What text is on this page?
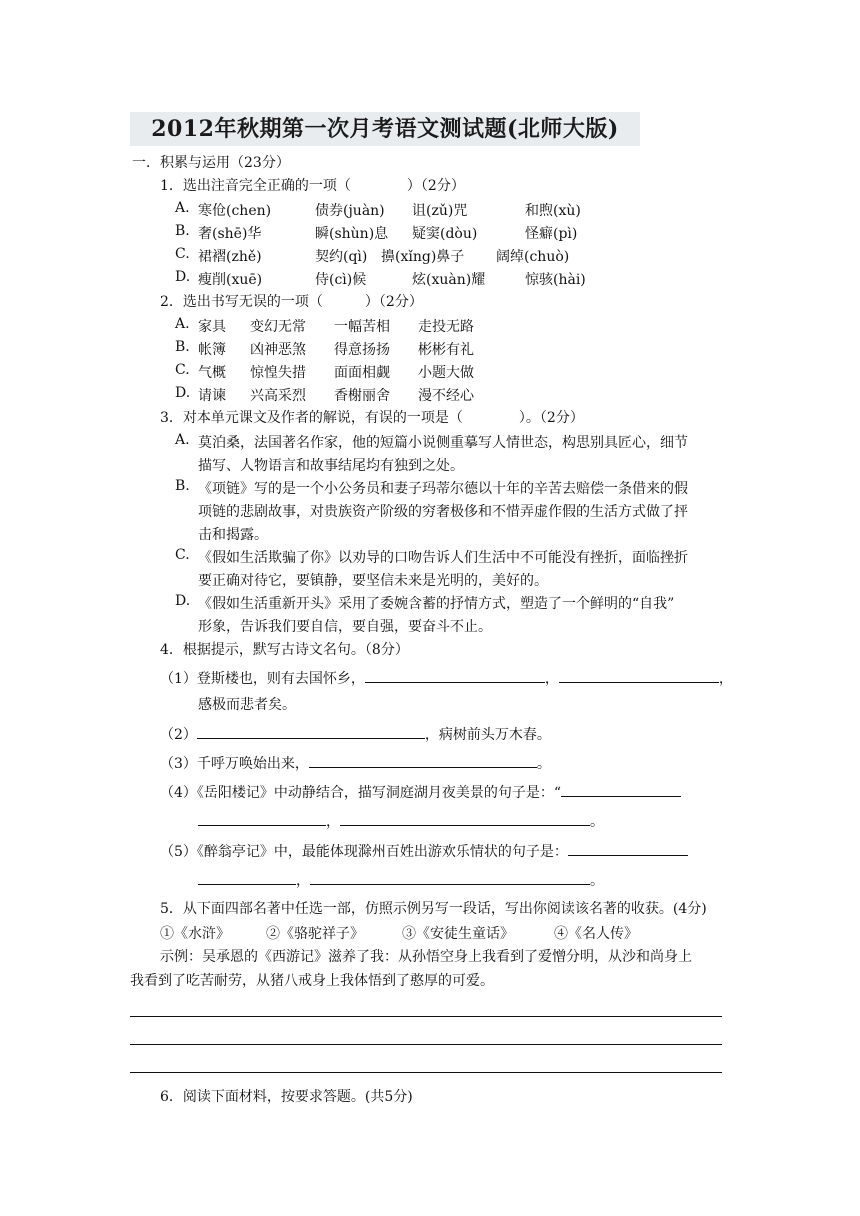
2012年秋期第一次月考语文测试题(北师大版)
一．积累与运用（23分）
1．选出注音完全正确的一项（　　　　）（2分）
A. 寒伧(chen)	债券(juàn) 诅(zǔ)咒	和煦(xù)
B. 奢(shē)华	瞬(shùn)息 疑窦(dòu)	怪癖(pì)
C. 裙褶(zhě)	契约(qì) 擤(xǐng)鼻子 阔绰(chuò)
D. 瘦削(xuē)	侍(cì)候	炫(xuàn)耀	惊骇(hài)
2．选出书写无误的一项（　　　）（2分）
A. 家具 变幻无常 一幅苦相 走投无路
B. 帐簿 凶神恶煞 得意扬扬 彬彬有礼
C. 气概 惊惶失措 面面相觑 小题大做
D. 请谏 兴高采烈 香榭丽舍 漫不经心
3．对本单元课文及作者的解说，有误的一项是（　　　　）。（2分）
A. 莫泊桑，法国著名作家，他的短篇小说侧重摹写人情世态，构思别具匠心，细节
描写、人物语言和故事结尾均有独到之处。
B. 《项链》写的是一个小公务员和妻子玛蒂尔德以十年的辛苦去赔偿一条借来的假
项链的悲剧故事，对贵族资产阶级的穷奢极侈和不惜弄虚作假的生活方式做了抨
击和揭露。
C. 《假如生活欺骗了你》以劝导的口吻告诉人们生活中不可能没有挫折，面临挫折
要正确对待它，要镇静，要坚信未来是光明的，美好的。
D. 《假如生活重新开头》采用了委婉含蓄的抒情方式，塑造了一个鲜明的“自我”
形象，告诉我们要自信，要自强，要奋斗不止。
4．根据提示，默写古诗文名句。（8分）
（1）登斯楼也，则有去国怀乡，	，	，
感极而悲者矣。
（2）	，病树前头万木春。
（3）千呼万唤始出来，	。
（4）《岳阳楼记》中动静结合，描写洞庭湖月夜美景的句子是：“
，	。
（5）《醉翁亭记》中，最能体现滁州百姓出游欢乐情状的句子是：
，	。
5．从下面四部名著中任选一部，仿照示例另写一段话，写出你阅读该名著的收获。(4分)
①《水浒》	②《骆驼祥子》	③《安徒生童话》	④《名人传》
示例：吴承恩的《西游记》滋养了我：从孙悟空身上我看到了爱憎分明，从沙和尚身上
我看到了吃苦耐劳，从猪八戒身上我体悟到了憨厚的可爱。
6．阅读下面材料，按要求答题。(共5分)
